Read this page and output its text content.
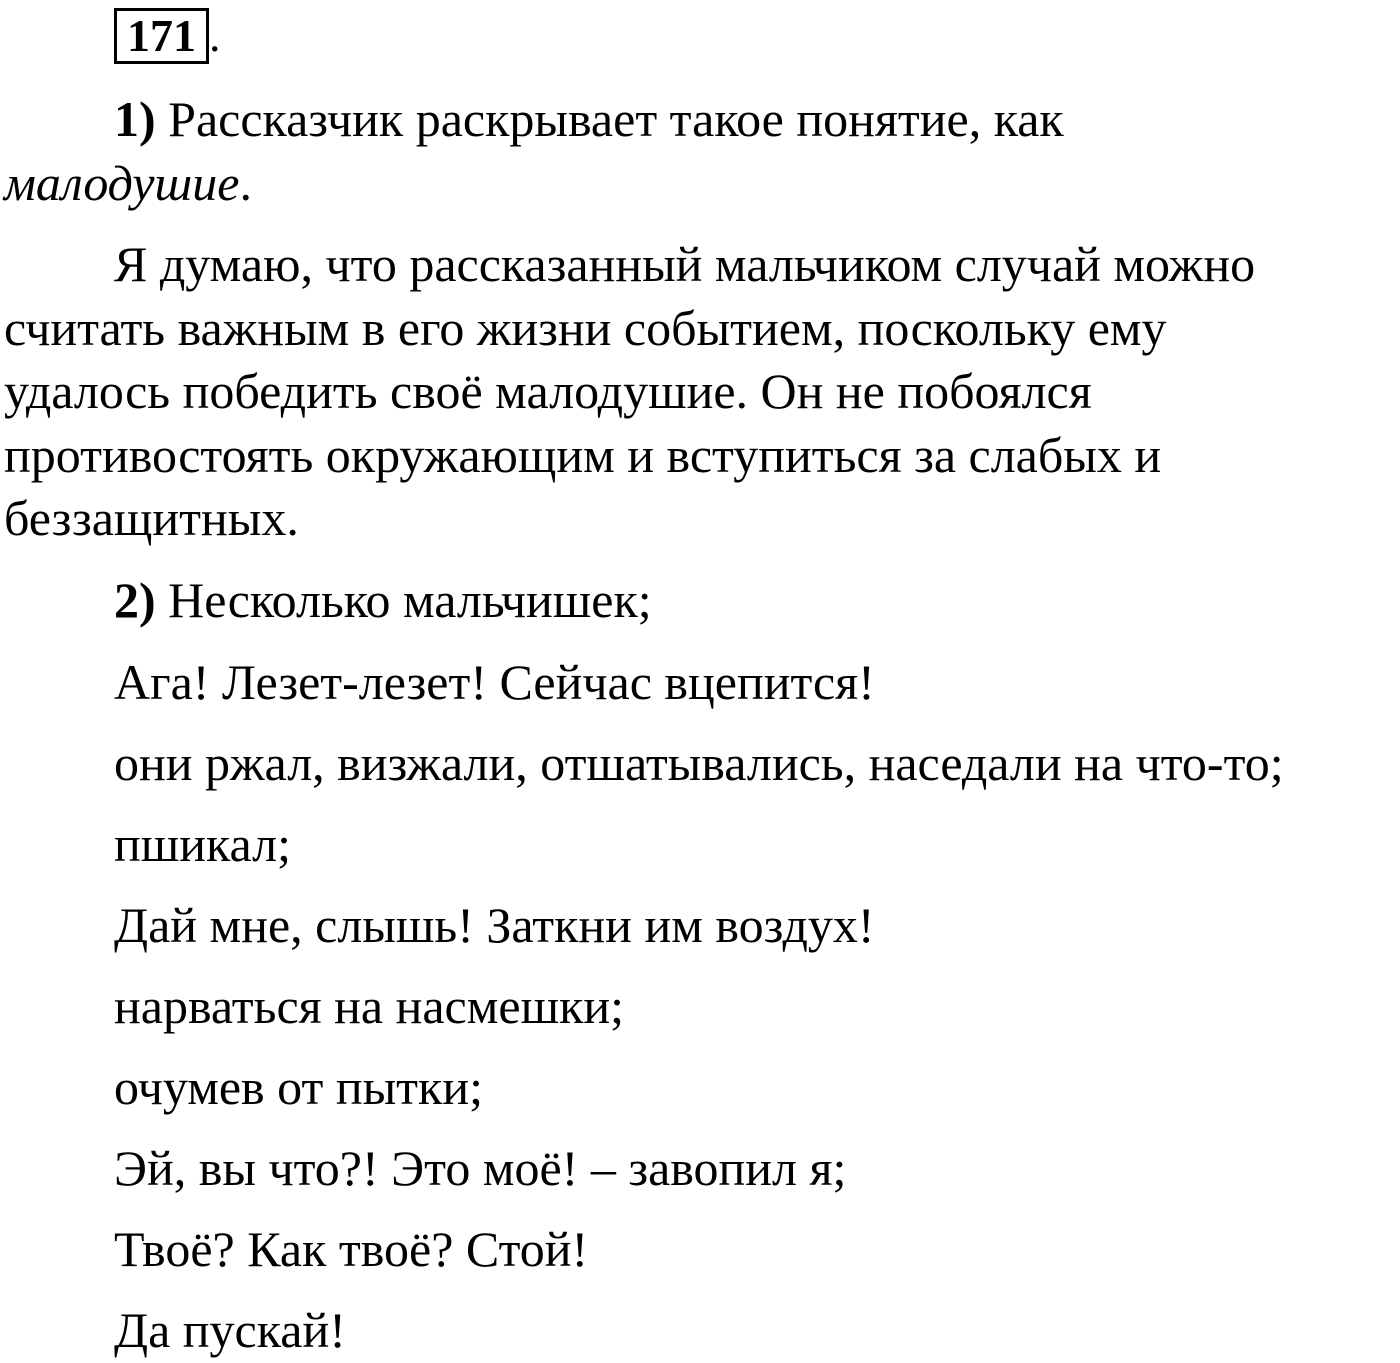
171 .
1) Рассказчик раскрывает такое понятие, как
малодушие.
Я думаю, что рассказанный мальчиком случай можно
считать важным в его жизни событием, поскольку ему
удалось победить своё малодушие. Он не побоялся
противостоять окружающим и вступиться за слабых и
беззащитных.
2) Несколько мальчишек;
Ага! Лезет-лезет! Сейчас вцепится!
они ржал, визжали, отшатывались, наседали на что-то;
пшикал;
Дай мне, слышь! Заткни им воздух!
нарваться на насмешки;
очумев от пытки;
Эй, вы что?! Это моё! – завопил я;
Твоё? Как твоё? Стой!
Да пускай!
